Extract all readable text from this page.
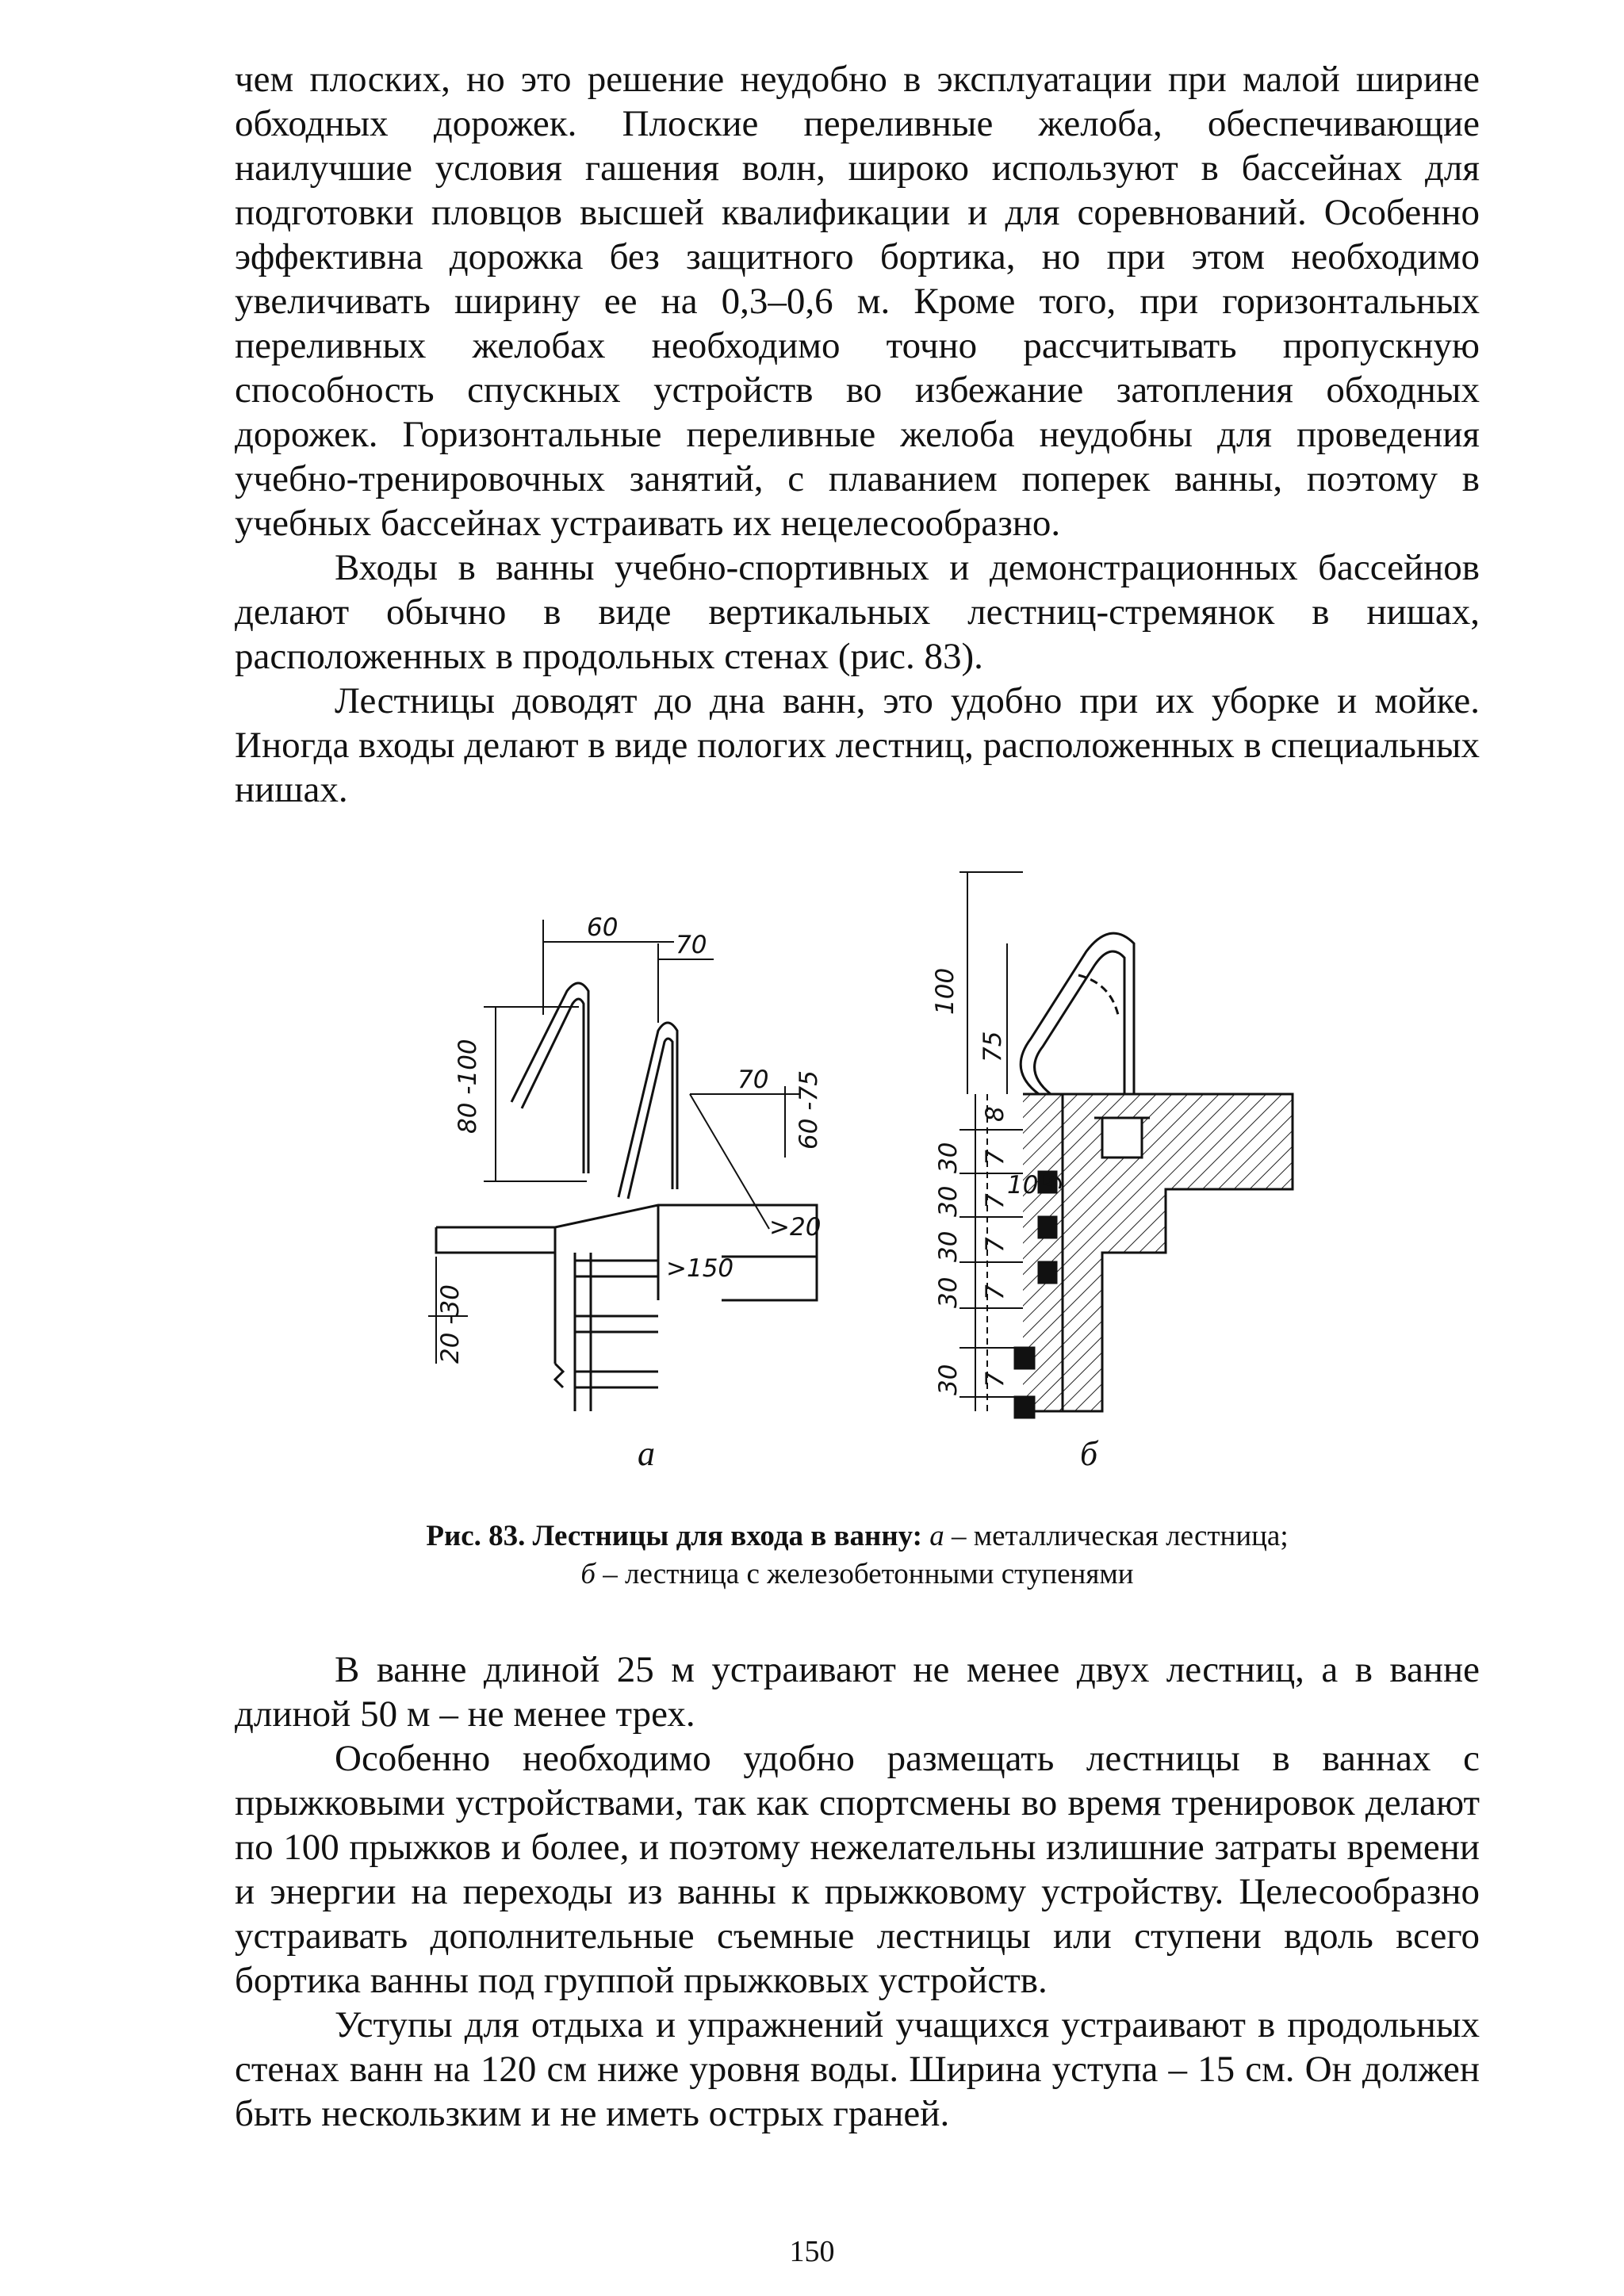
чем плоских, но это решение неудобно в эксплуатации при малой ширине обходных дорожек. Плоские переливные желоба, обеспечивающие наилучшие условия гашения волн, широко используют в бассейнах для подготовки пловцов высшей квалификации и для соревнований. Особенно эффективна дорожка без защитного бортика, но при этом необходимо увеличивать ширину ее на 0,3–0,6 м. Кроме того, при горизонтальных переливных желобах необходимо точно рассчитывать пропускную способность спускных устройств во избежание затопления обходных дорожек. Горизонтальные переливные желоба неудобны для проведения учебно-тренировочных занятий, с плаванием поперек ванны, поэтому в учебных бассейнах устраивать их нецелесообразно.

Входы в ванны учебно-спортивных и демонстрационных бассейнов делают обычно в виде вертикальных лестниц-стремянок в нишах, расположенных в продольных стенах (рис. 83).

Лестницы доводят до дна ванн, это удобно при их уборке и мойке. Иногда входы делают в виде пологих лестниц, расположенных в специальных нишах.

60
70
70
80 -100	60 -75
>20
>150
20 -30
100
75
8
30 7
30 7
10 5
30 7
30 7
30 7
а	б
Рис. 83. Лестницы для входа в ванну: а – металлическая лестница;
б – лестница с железобетонными ступенями

В ванне длиной 25 м устраивают не менее двух лестниц, а в ванне длиной 50 м – не менее трех.

Особенно необходимо удобно размещать лестницы в ваннах с прыжковыми устройствами, так как спортсмены во время тренировок делают по 100 прыжков и более, и поэтому нежелательны излишние затраты времени и энергии на переходы из ванны к прыжковому устройству. Целесообразно устраивать дополнительные съемные лестницы или ступени вдоль всего бортика ванны под группой прыжковых устройств.

Уступы для отдыха и упражнений учащихся устраивают в продольных стенах ванн на 120 см ниже уровня воды. Ширина уступа – 15 см. Он должен быть нескользким и не иметь острых граней.

150
